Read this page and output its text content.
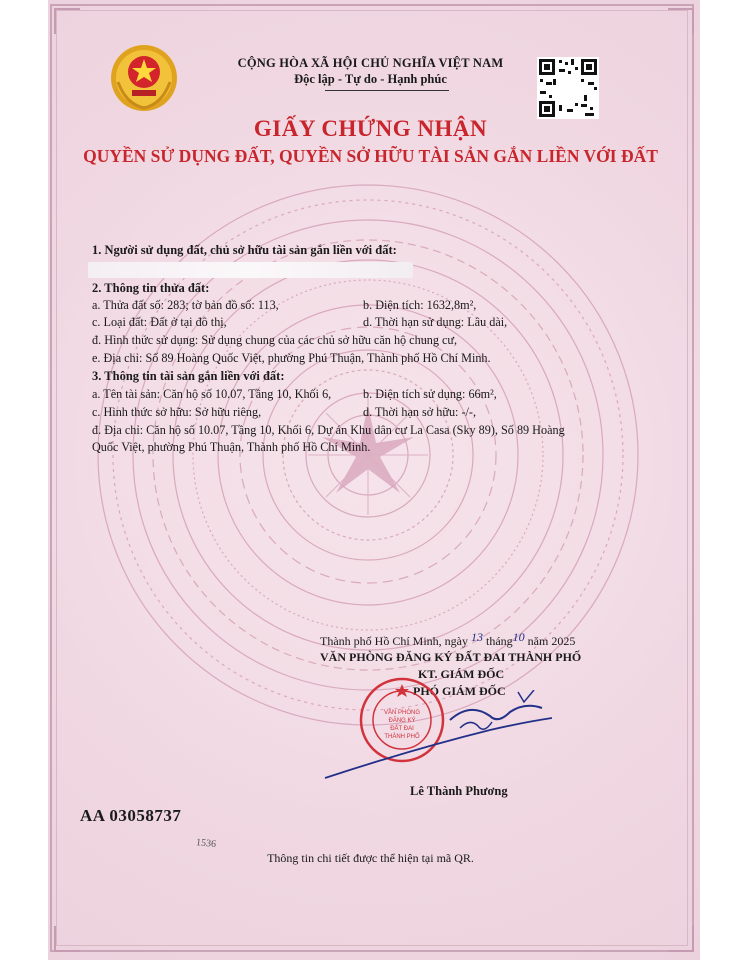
CỘNG HÒA XÃ HỘI CHỦ NGHĨA VIỆT NAM
Độc lập - Tự do - Hạnh phúc
GIẤY CHỨNG NHẬN
QUYỀN SỬ DỤNG ĐẤT, QUYỀN SỞ HỮU TÀI SẢN GẮN LIỀN VỚI ĐẤT
1. Người sử dụng đất, chủ sở hữu tài sản gắn liền với đất:
2. Thông tin thửa đất:
a. Thửa đất số: 283; tờ bản đồ số: 113,	b. Diện tích: 1632,8m²,
c. Loại đất: Đất ở tại đô thị,	d. Thời hạn sử dụng: Lâu dài,
đ. Hình thức sử dụng: Sử dụng chung của các chủ sở hữu căn hộ chung cư,
e. Địa chỉ: Số 89 Hoàng Quốc Việt, phường Phú Thuận, Thành phố Hồ Chí Minh.
3. Thông tin tài sản gắn liền với đất:
a. Tên tài sản: Căn hộ số 10.07, Tầng 10, Khối 6,	b. Diện tích sử dụng: 66m²,
c. Hình thức sở hữu: Sở hữu riêng,	d. Thời hạn sở hữu: -/-,
đ. Địa chỉ: Căn hộ số 10.07, Tầng 10, Khối 6, Dự án Khu dân cư La Casa (Sky 89), Số 89 Hoàng
Quốc Việt, phường Phú Thuận, Thành phố Hồ Chí Minh.
Thành phố Hồ Chí Minh, ngày 13 tháng10 năm 2025
VĂN PHÒNG ĐĂNG KÝ ĐẤT ĐAI THÀNH PHỐ
KT. GIÁM ĐỐC
PHÓ GIÁM ĐỐC
VĂN PHÒNG
ĐĂNG KÝ
ĐẤT ĐAI
THÀNH PHỐ
Lê Thành Phương
AA 03058737
1536
Thông tin chi tiết được thể hiện tại mã QR.
